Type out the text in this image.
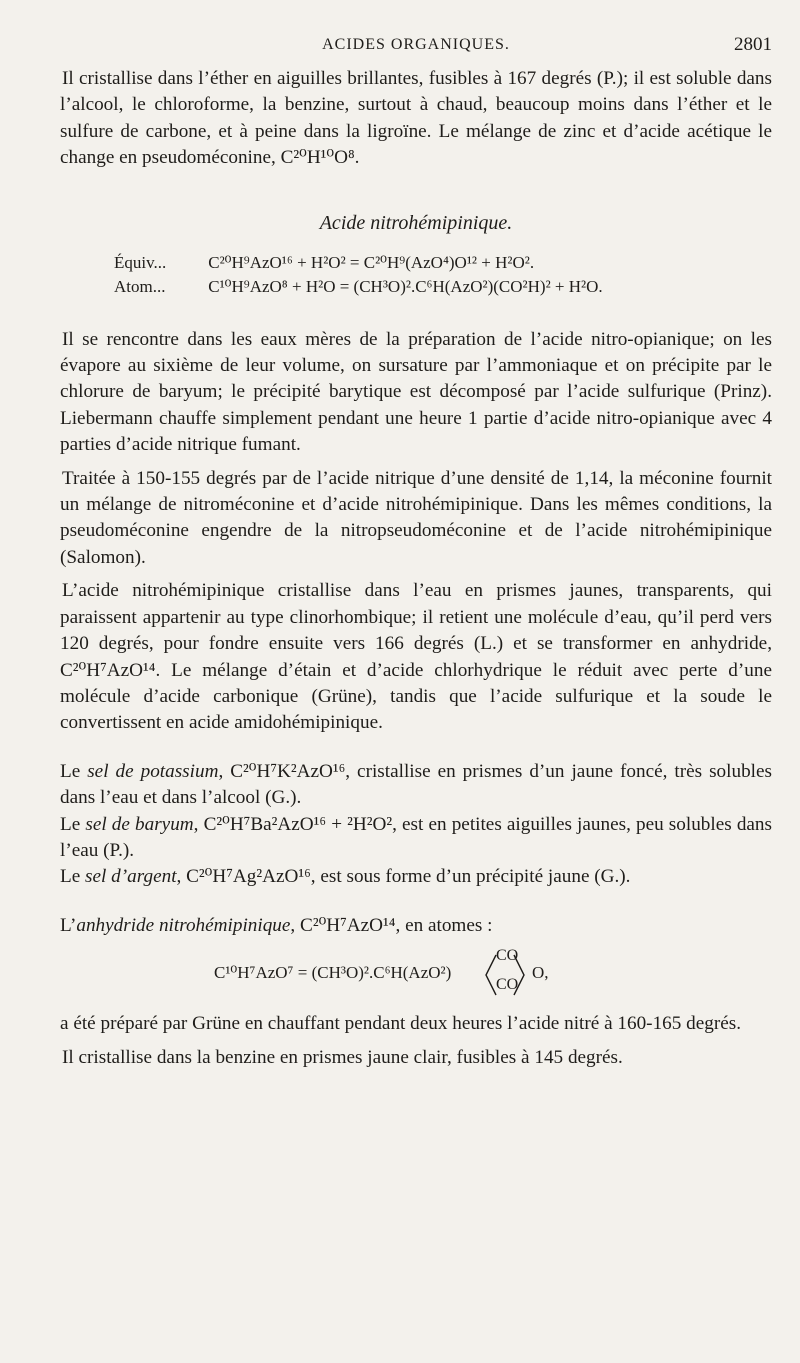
ACIDES ORGANIQUES.	2801

Il cristallise dans l’éther en aiguilles brillantes, fusibles à 167 degrés (P.); il est soluble dans l’alcool, le chloroforme, la benzine, surtout à chaud, beaucoup moins dans l’éther et le sulfure de carbone, et à peine dans la ligroïne. Le mélange de zinc et d’acide acétique le change en pseudoméconine, C²⁰H¹⁰O⁸.

Acide nitrohémipinique.
Équiv... C²⁰H⁹AzO¹⁶ + H²O² = C²⁰H⁹(AzO⁴)O¹² + H²O².
Atom...	C¹⁰H⁹AzO⁸ + H²O = (CH³O)².C⁶H(AzO²)(CO²H)² + H²O.

Il se rencontre dans les eaux mères de la préparation de l’acide nitro-opianique; on les évapore au sixième de leur volume, on sursature par l’ammoniaque et on précipite par le chlorure de baryum; le précipité barytique est décomposé par l’acide sulfurique (Prinz). Liebermann chauffe simplement pendant une heure 1 partie d’acide nitro-opianique avec 4 parties d’acide nitrique fumant.

Traitée à 150-155 degrés par de l’acide nitrique d’une densité de 1,14, la méconine fournit un mélange de nitroméconine et d’acide nitrohémipinique. Dans les mêmes conditions, la pseudoméconine engendre de la nitropseudoméconine et de l’acide nitrohémipinique (Salomon).

L’acide nitrohémipinique cristallise dans l’eau en prismes jaunes, transparents, qui paraissent appartenir au type clinorhombique; il retient une molécule d’eau, qu’il perd vers 120 degrés, pour fondre ensuite vers 166 degrés (L.) et se transformer en anhydride, C²⁰H⁷AzO¹⁴. Le mélange d’étain et d’acide chlorhydrique le réduit avec perte d’une molécule d’acide carbonique (Grüne), tandis que l’acide sulfurique et la soude le convertissent en acide amidohémipinique.

Le sel de potassium, C²⁰H⁷K²AzO¹⁶, cristallise en prismes d’un jaune foncé, très solubles dans l’eau et dans l’alcool (G.).

Le sel de baryum, C²⁰H⁷Ba²AzO¹⁶ + ²H²O², est en petites aiguilles jaunes, peu solubles dans l’eau (P.).

Le sel d’argent, C²⁰H⁷Ag²AzO¹⁶, est sous forme d’un précipité jaune (G.).

L’anhydride nitrohémipinique, C²⁰H⁷AzO¹⁴, en atomes :

C¹⁰H⁷AzO⁷ = (CH³O)².C⁶H(AzO²)
CO
CO
O,

a été préparé par Grüne en chauffant pendant deux heures l’acide nitré à 160-165 degrés.

Il cristallise dans la benzine en prismes jaune clair, fusibles à 145 degrés.
